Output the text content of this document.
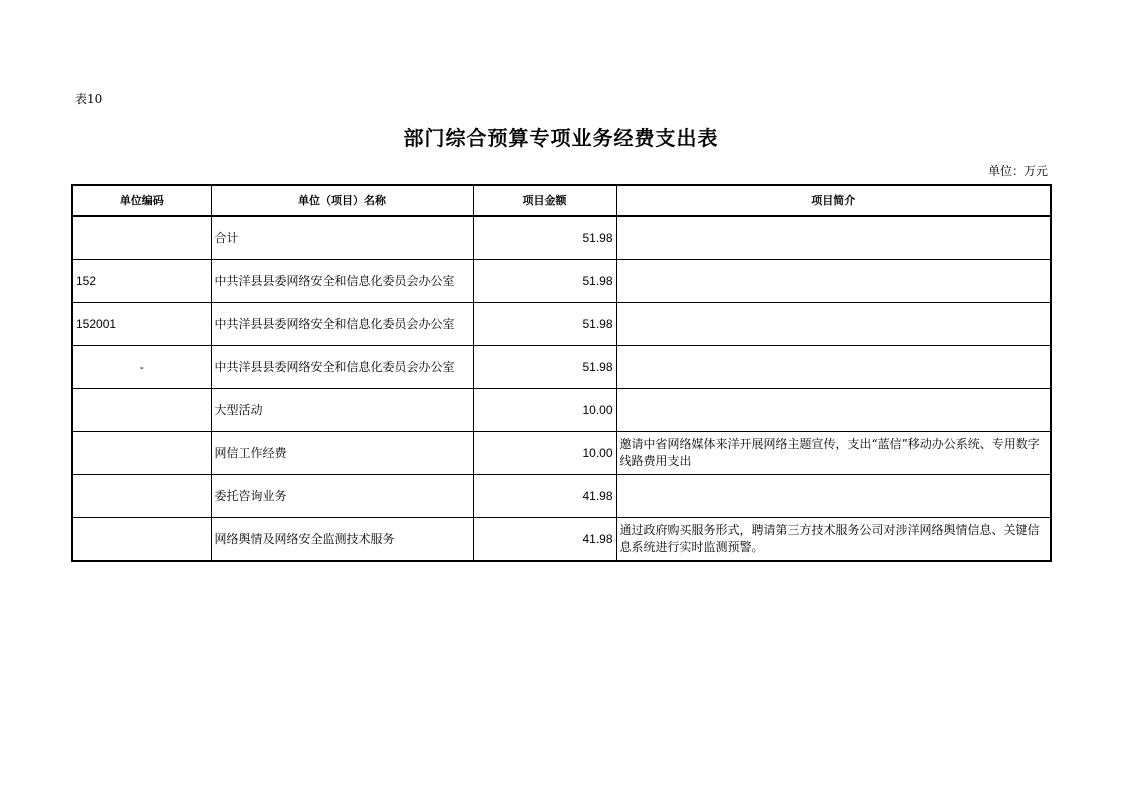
表10
部门综合预算专项业务经费支出表
单位：万元
单位编码	单位（项目）名称	项目金额	项目简介
	合计	51.98	
152	中共洋县县委网络安全和信息化委员会办公室	51.98	
152001	中共洋县县委网络安全和信息化委员会办公室	51.98	
-	中共洋县县委网络安全和信息化委员会办公室	51.98	
	大型活动	10.00	
	网信工作经费	10.00	邀请中省网络媒体来洋开展网络主题宣传，支出“蓝信”移动办公系统、专用数字线路费用支出
	委托咨询业务	41.98	
	网络舆情及网络安全监测技术服务	41.98	通过政府购买服务形式，聘请第三方技术服务公司对涉洋网络舆情信息、关键信息系统进行实时监测预警。
